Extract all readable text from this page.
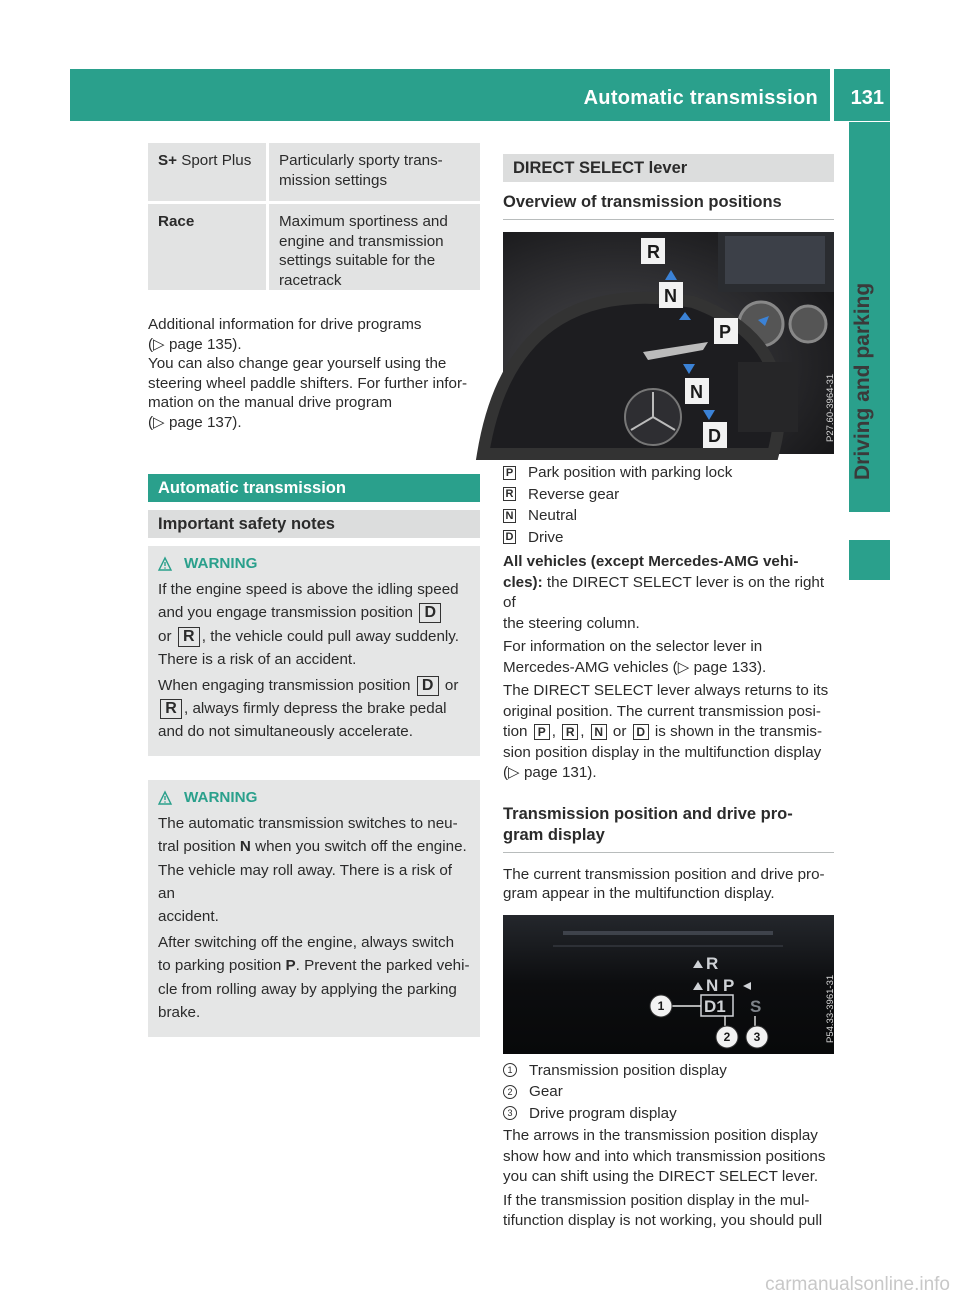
Automatic transmission 131
Driving and parking
S+ Sport Plus	Particularly sporty trans-mission settings
Race	Maximum sportiness and engine and transmission settings suitable for the racetrack

Additional information for drive programs

(▷ page 135).

You can also change gear yourself using the

steering wheel paddle shifters. For further infor-

mation on the manual drive program

(▷ page 137).

Automatic transmission
Important safety notes
WARNING

If the engine speed is above the idling speed
and you engage transmission position D
or R , the vehicle could pull away suddenly.
There is a risk of an accident.

When engaging transmission position D or
R , always firmly depress the brake pedal
and do not simultaneously accelerate.

WARNING

The automatic transmission switches to neu-
tral position N when you switch off the engine.
The vehicle may roll away. There is a risk of an
accident.

After switching off the engine, always switch
to parking position P. Prevent the parked vehi-
cle from rolling away by applying the parking
brake.

DIRECT SELECT lever
Overview of transmission positions
R
N
P
N
D	P27.60-3964-31
P Park position with parking lock
R Reverse gear
N Neutral
D Drive

All vehicles (except Mercedes-AMG vehi-
cles): the DIRECT SELECT lever is on the right of
the steering column.

For information on the selector lever in
Mercedes-AMG vehicles (▷ page 133).

The DIRECT SELECT lever always returns to its
original position. The current transmission posi-
tion P , R , N or D is shown in the transmis-
sion position display in the multifunction display
(▷ page 131).

Transmission position and drive pro-
gram display

The current transmission position and drive pro-

gram appear in the multifunction display.

R
N P
D1 S
1
2 3	P54.33-3961-31
1 Transmission position display
2 Gear
3 Drive program display

The arrows in the transmission position display
show how and into which transmission positions
you can shift using the DIRECT SELECT lever.

If the transmission position display in the mul-
tifunction display is not working, you should pull

carmanualsonline.info
